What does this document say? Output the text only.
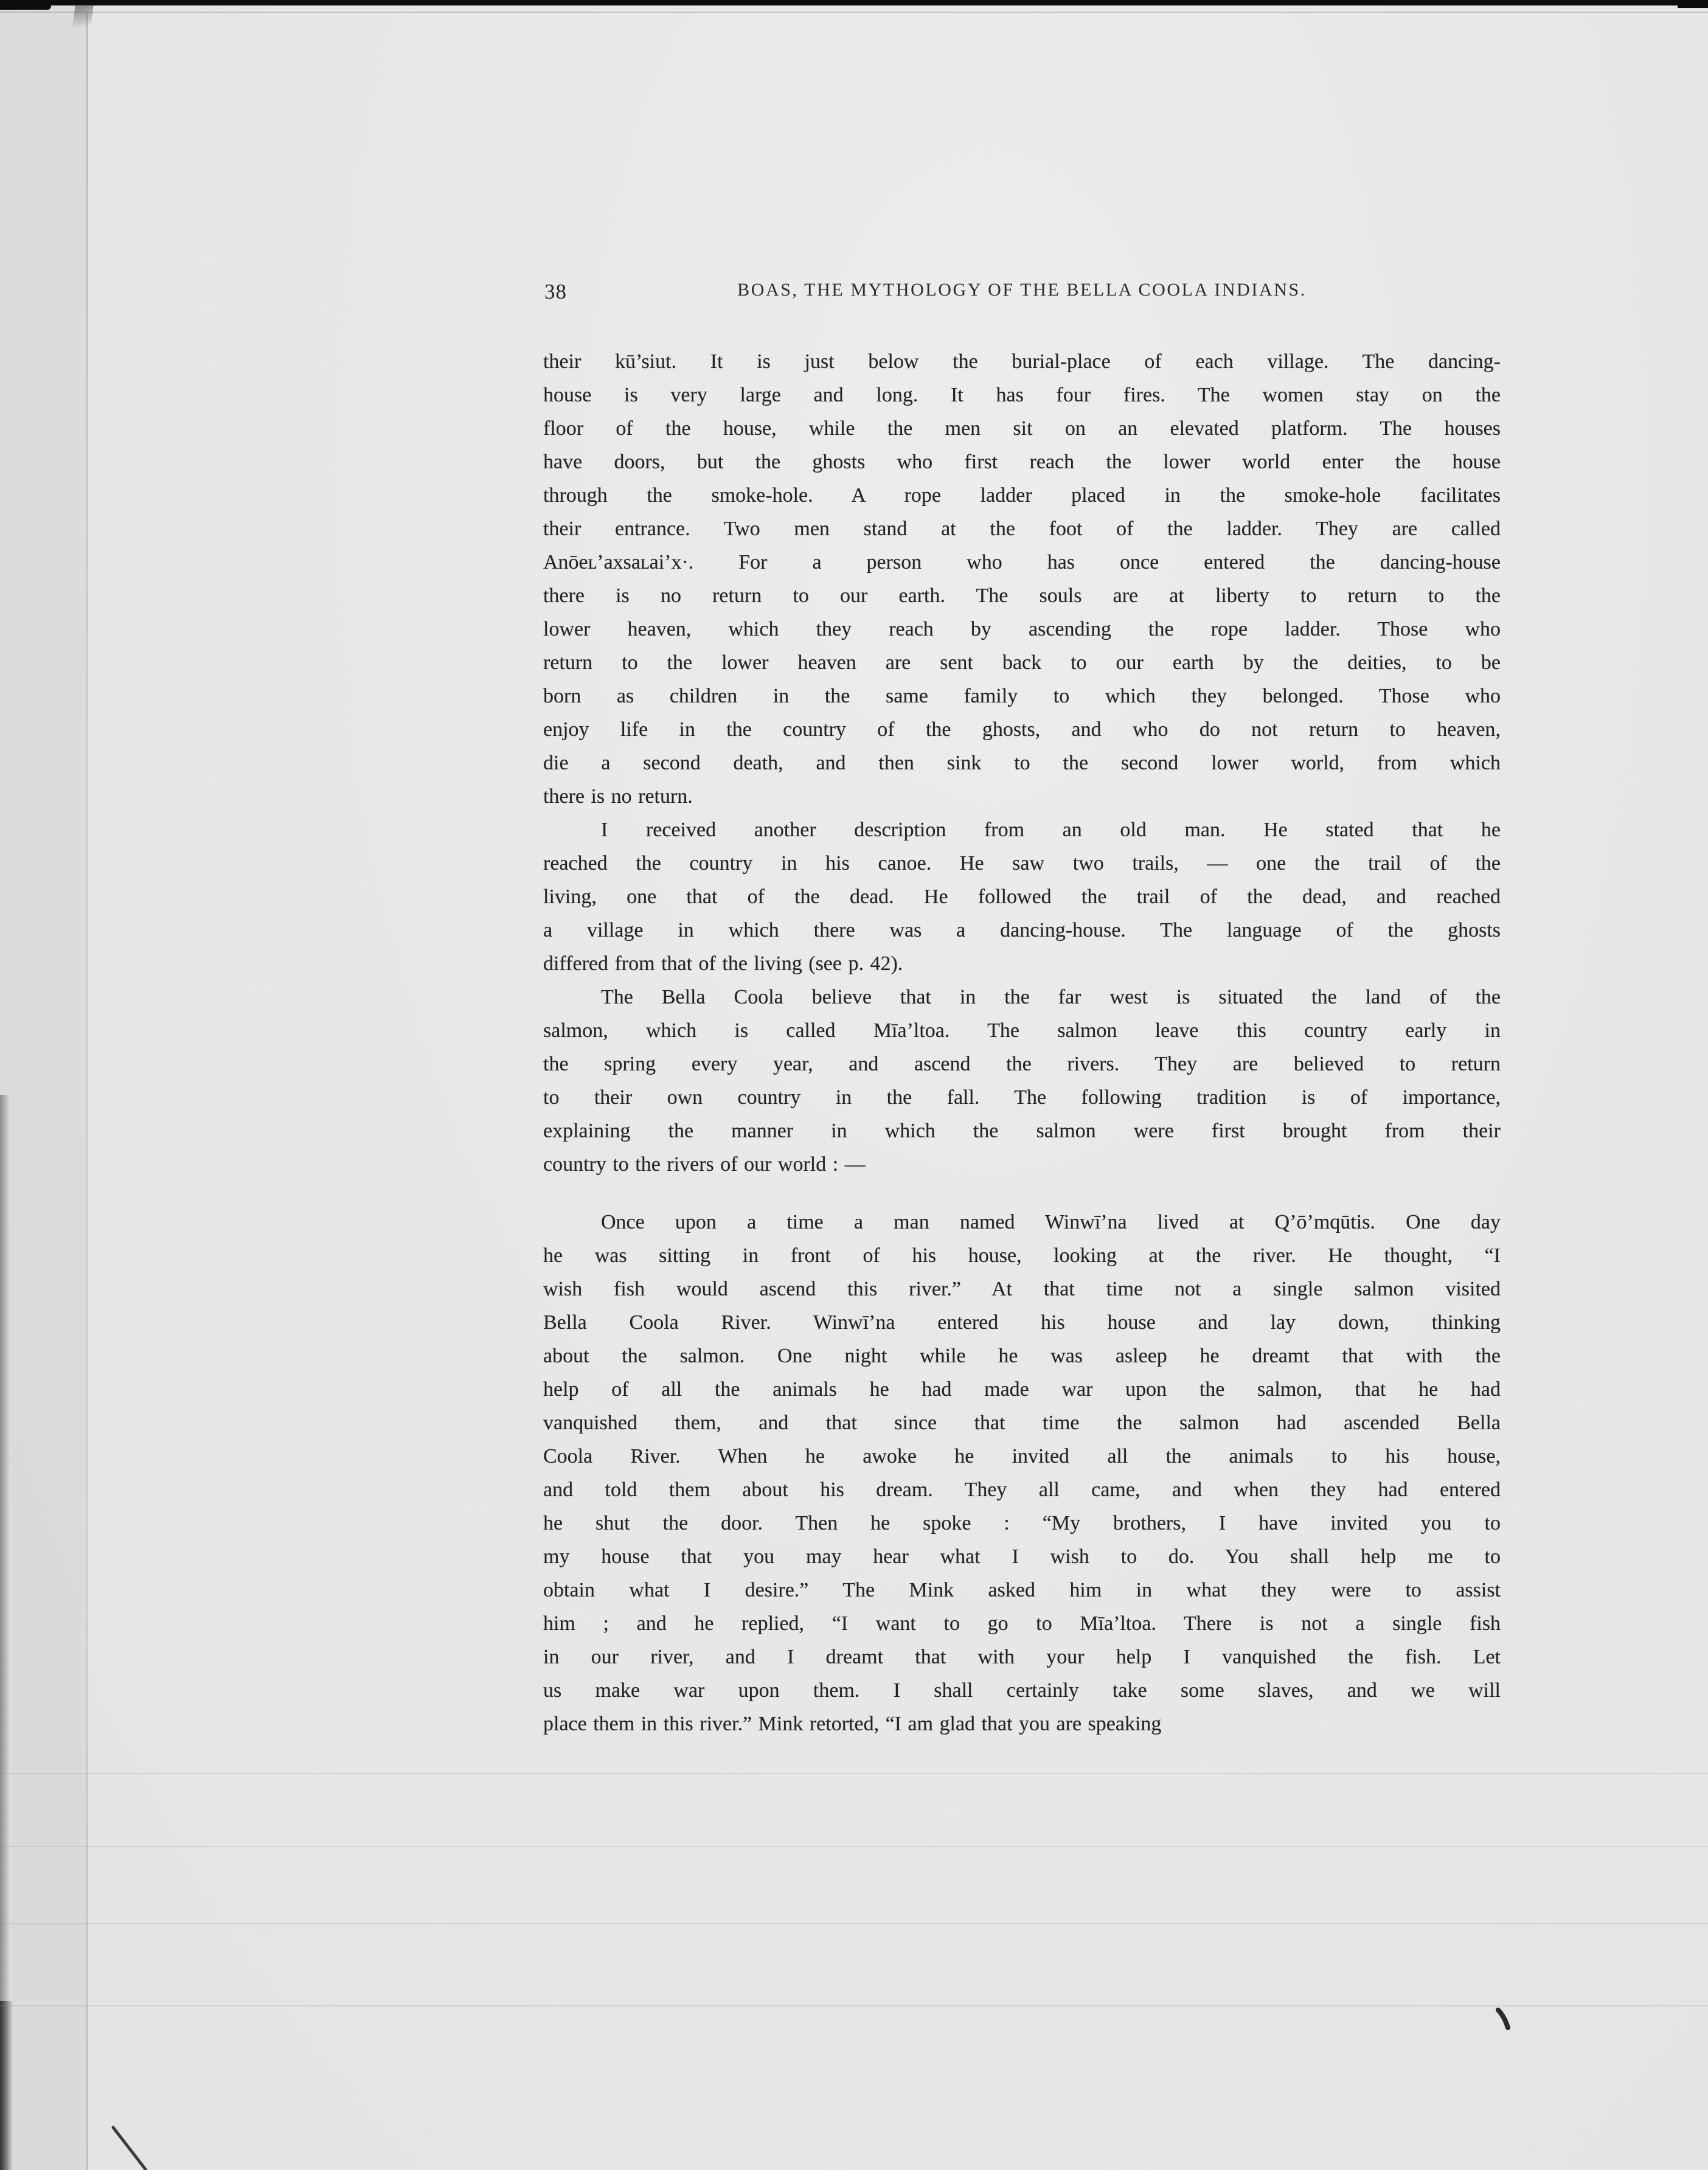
38	BOAS, THE MYTHOLOGY OF THE BELLA COOLA INDIANS.
their kū’siut. It is just below the burial-place of each village. The dancing-
house is very large and long. It has four fires. The women stay on the
floor of the house, while the men sit on an elevated platform. The houses
have doors, but the ghosts who first reach the lower world enter the house
through the smoke-hole. A rope ladder placed in the smoke-hole facilitates
their entrance. Two men stand at the foot of the ladder. They are called
Anōeʟ’axsaʟai’x·. For a person who has once entered the dancing-house
there is no return to our earth. The souls are at liberty to return to the
lower heaven, which they reach by ascending the rope ladder. Those who
return to the lower heaven are sent back to our earth by the deities, to be
born as children in the same family to which they belonged. Those who
enjoy life in the country of the ghosts, and who do not return to heaven,
die a second death, and then sink to the second lower world, from which
there is no return.
I received another description from an old man. He stated that he
reached the country in his canoe. He saw two trails, — one the trail of the
living, one that of the dead. He followed the trail of the dead, and reached
a village in which there was a dancing-house. The language of the ghosts
differed from that of the living (see p. 42).
The Bella Coola believe that in the far west is situated the land of the
salmon, which is called Mīa’ltoa. The salmon leave this country early in
the spring every year, and ascend the rivers. They are believed to return
to their own country in the fall. The following tradition is of importance,
explaining the manner in which the salmon were first brought from their
country to the rivers of our world : —
Once upon a time a man named Winwī’na lived at Q’ō’mqūtis. One day
he was sitting in front of his house, looking at the river. He thought, “I
wish fish would ascend this river.” At that time not a single salmon visited
Bella Coola River. Winwī’na entered his house and lay down, thinking
about the salmon. One night while he was asleep he dreamt that with the
help of all the animals he had made war upon the salmon, that he had
vanquished them, and that since that time the salmon had ascended Bella
Coola River. When he awoke he invited all the animals to his house,
and told them about his dream. They all came, and when they had entered
he shut the door. Then he spoke : “My brothers, I have invited you to
my house that you may hear what I wish to do. You shall help me to
obtain what I desire.” The Mink asked him in what they were to assist
him ; and he replied, “I want to go to Mīa’ltoa. There is not a single fish
in our river, and I dreamt that with your help I vanquished the fish. Let
us make war upon them. I shall certainly take some slaves, and we will
place them in this river.” Mink retorted, “I am glad that you are speaking
